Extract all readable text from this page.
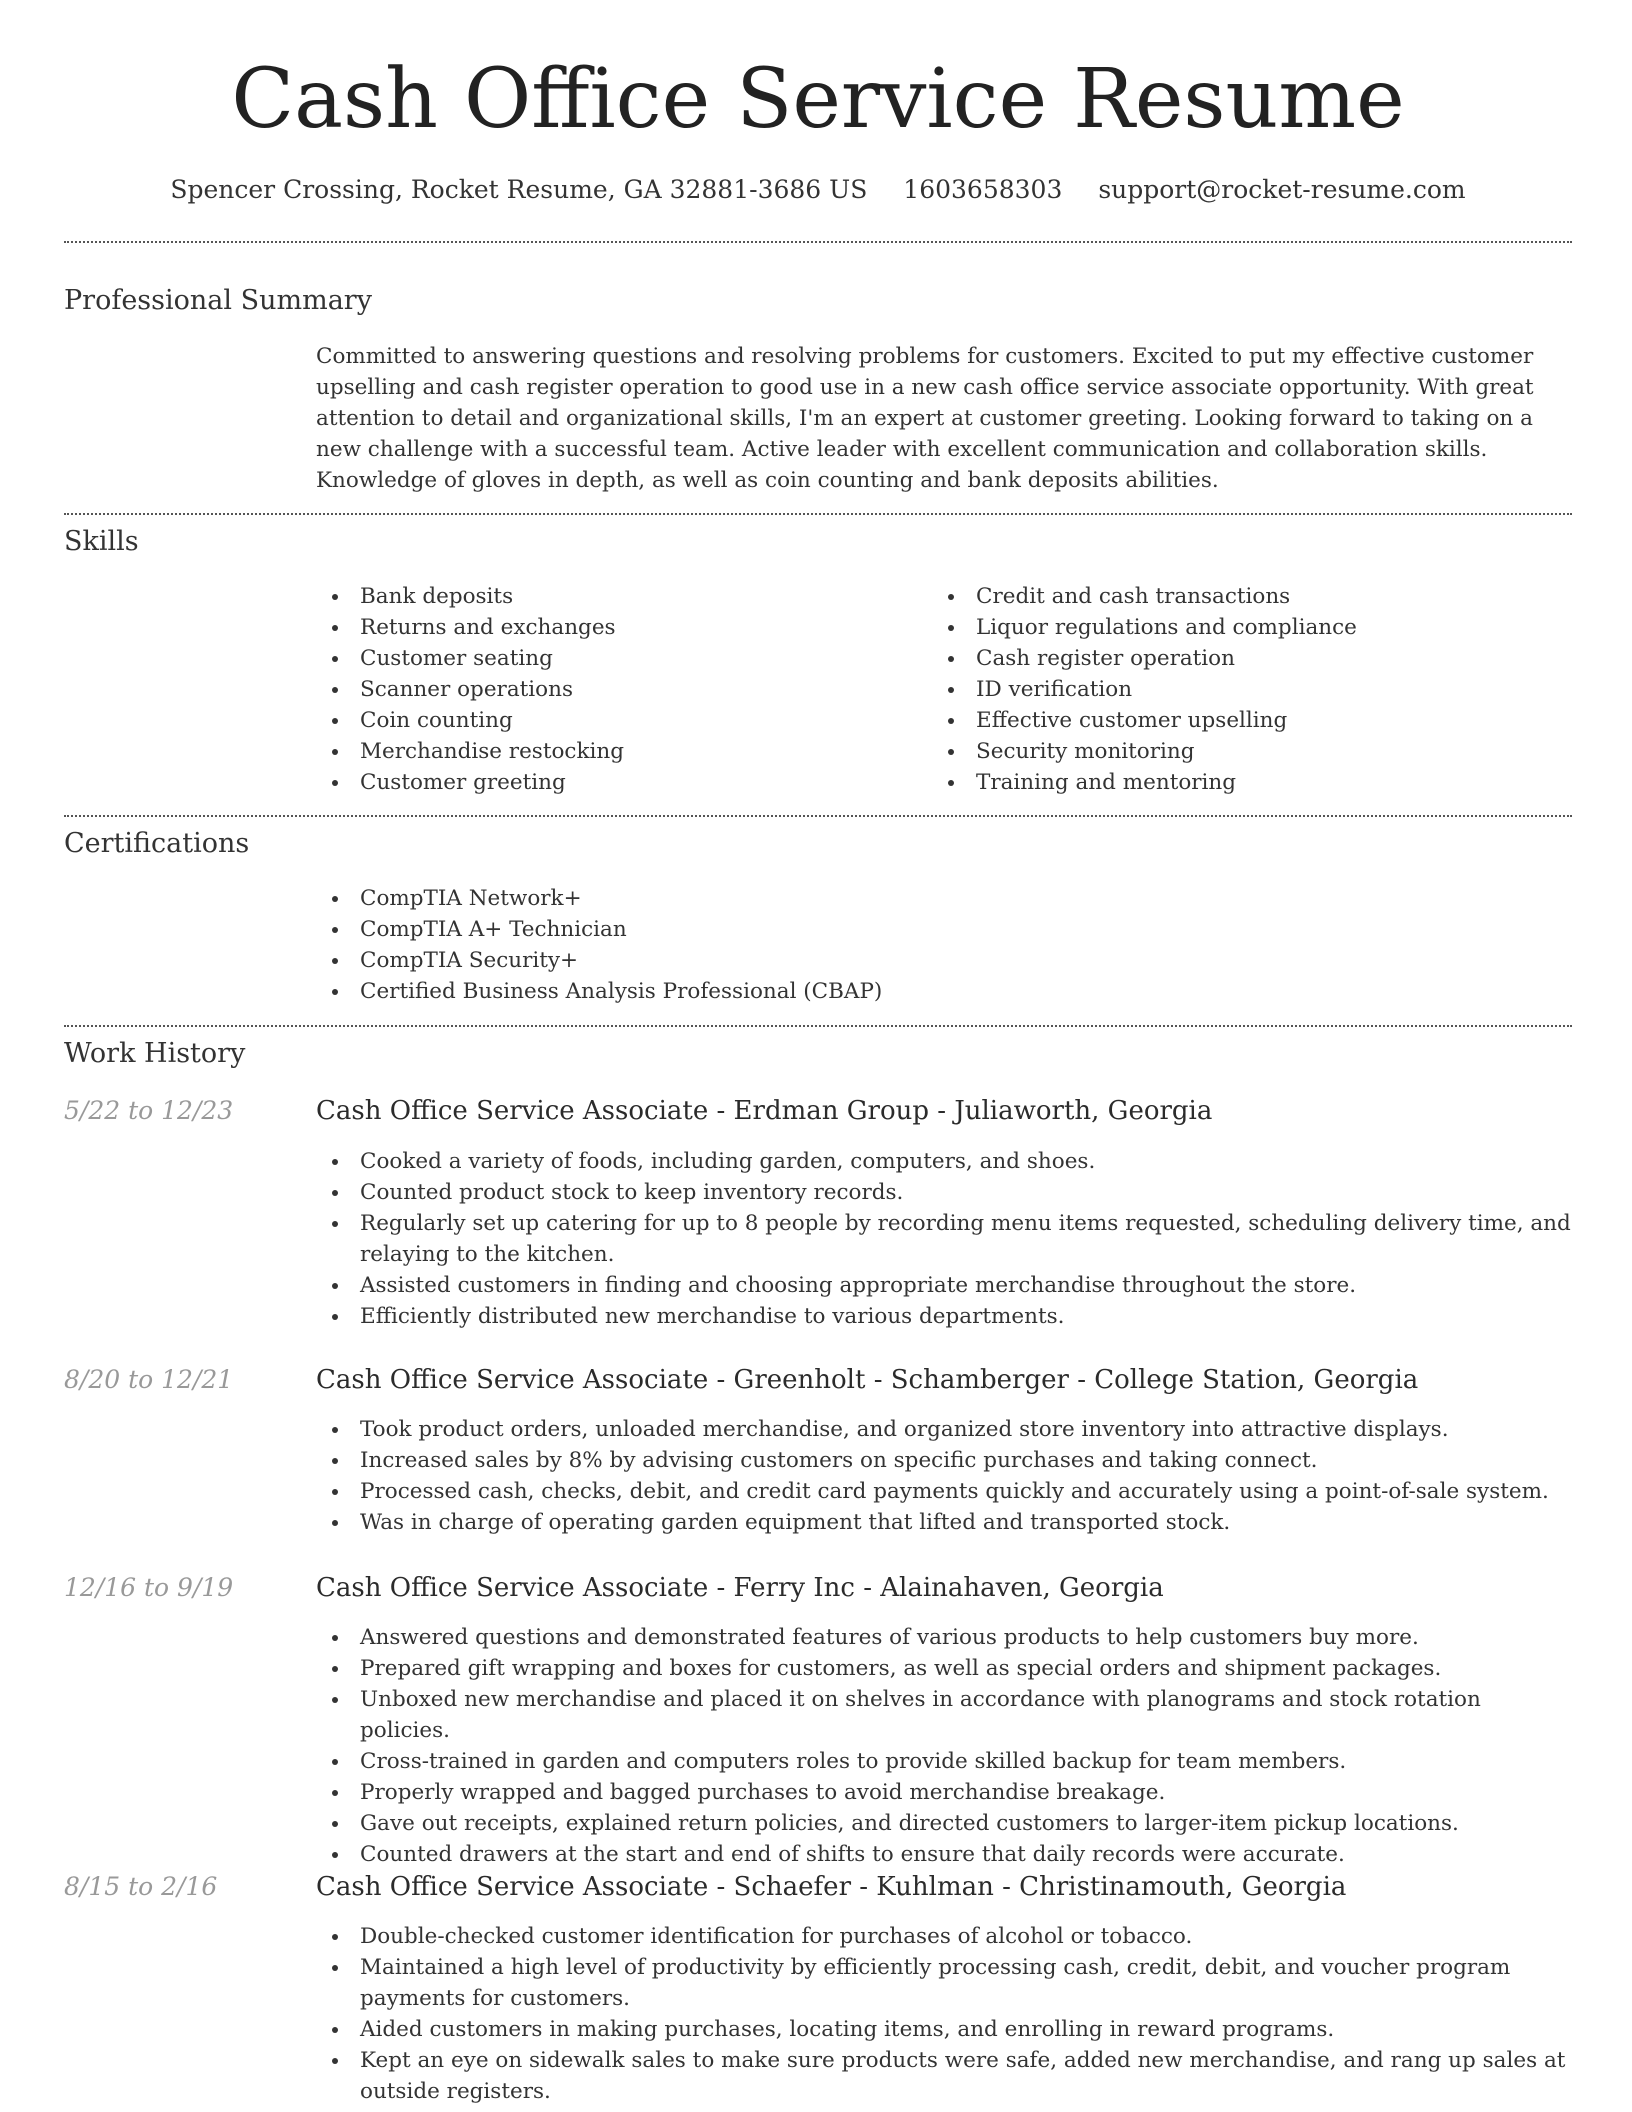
Cash Office Service Resume
Spencer Crossing, Rocket Resume, GA 32881-3686 US 1603658303 support@rocket-resume.com
Professional Summary
Committed to answering questions and resolving problems for customers. Excited to put my effective customer upselling and cash register operation to good use in a new cash office service associate opportunity. With great attention to detail and organizational skills, I'm an expert at customer greeting. Looking forward to taking on a new challenge with a successful team. Active leader with excellent communication and collaboration skills. Knowledge of gloves in depth, as well as coin counting and bank deposits abilities.
Skills
Bank deposits
Returns and exchanges
Customer seating
Scanner operations
Coin counting
Merchandise restocking
Customer greeting
Credit and cash transactions
Liquor regulations and compliance
Cash register operation
ID verification
Effective customer upselling
Security monitoring
Training and mentoring
Certifications
CompTIA Network+
CompTIA A+ Technician
CompTIA Security+
Certified Business Analysis Professional (CBAP)
Work History
5/22 to 12/23	Cash Office Service Associate - Erdman Group - Juliaworth, Georgia
Cooked a variety of foods, including garden, computers, and shoes.
Counted product stock to keep inventory records.
Regularly set up catering for up to 8 people by recording menu items requested, scheduling delivery time, and relaying to the kitchen.
Assisted customers in finding and choosing appropriate merchandise throughout the store.
Efficiently distributed new merchandise to various departments.
8/20 to 12/21	Cash Office Service Associate - Greenholt - Schamberger - College Station, Georgia
Took product orders, unloaded merchandise, and organized store inventory into attractive displays.
Increased sales by 8% by advising customers on specific purchases and taking connect.
Processed cash, checks, debit, and credit card payments quickly and accurately using a point-of-sale system.
Was in charge of operating garden equipment that lifted and transported stock.
12/16 to 9/19	Cash Office Service Associate - Ferry Inc - Alainahaven, Georgia
Answered questions and demonstrated features of various products to help customers buy more.
Prepared gift wrapping and boxes for customers, as well as special orders and shipment packages.
Unboxed new merchandise and placed it on shelves in accordance with planograms and stock rotation policies.
Cross-trained in garden and computers roles to provide skilled backup for team members.
Properly wrapped and bagged purchases to avoid merchandise breakage.
Gave out receipts, explained return policies, and directed customers to larger-item pickup locations.
Counted drawers at the start and end of shifts to ensure that daily records were accurate.
8/15 to 2/16	Cash Office Service Associate - Schaefer - Kuhlman - Christinamouth, Georgia
Double-checked customer identification for purchases of alcohol or tobacco.
Maintained a high level of productivity by efficiently processing cash, credit, debit, and voucher program payments for customers.
Aided customers in making purchases, locating items, and enrolling in reward programs.
Kept an eye on sidewalk sales to make sure products were safe, added new merchandise, and rang up sales at outside registers.
